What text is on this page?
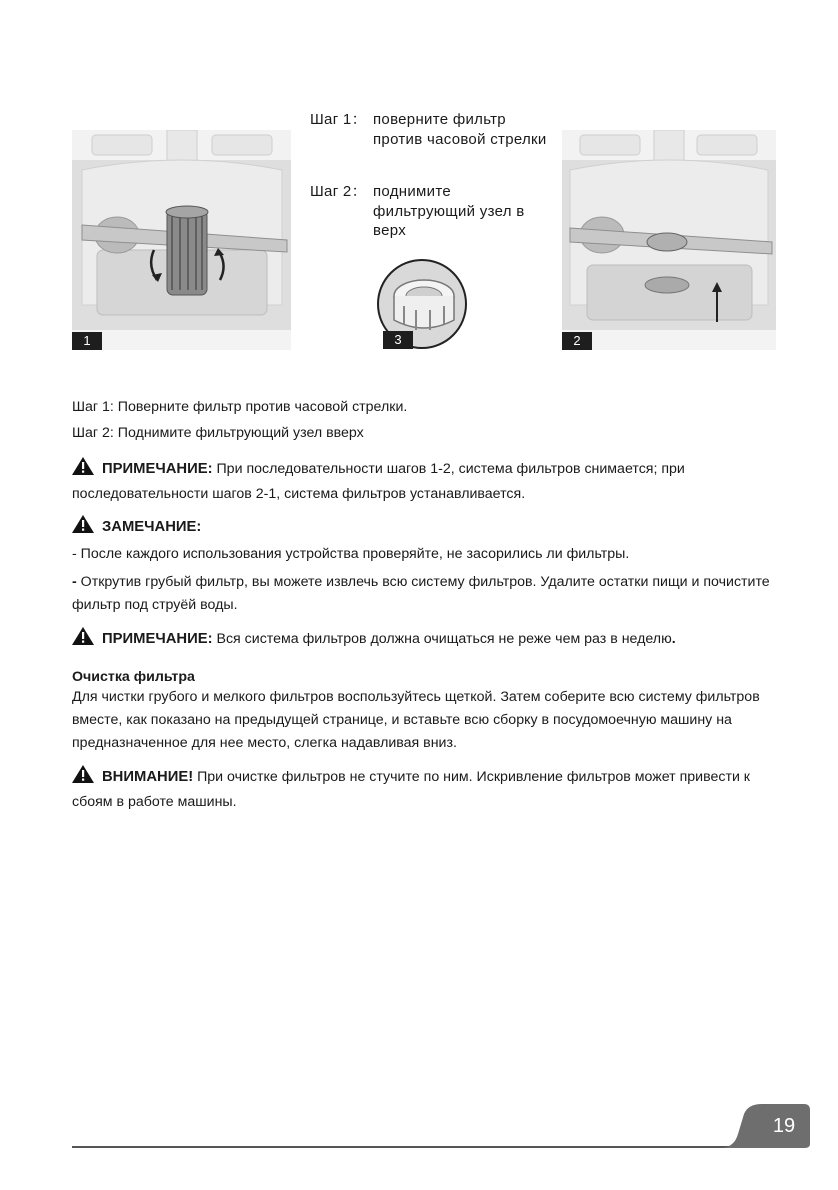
1	3	2
Шаг 1： поверните фильтр против часовой стрелки
Шаг 2： поднимите фильтрующий узел в верх
Шаг 1: Поверните фильтр против часовой стрелки.
Шаг 2: Поднимите фильтрующий узел вверх
ПРИМЕЧАНИЕ: При последовательности шагов 1-2, система фильтров снимается; при последовательности шагов 2-1, система фильтров устанавливается.
ЗАМЕЧАНИЕ:
- После каждого использования устройства проверяйте, не засорились ли фильтры.
- Открутив грубый фильтр, вы можете извлечь всю систему фильтров. Удалите остатки пищи и почистите фильтр под струёй воды.
ПРИМЕЧАНИЕ: Вся система фильтров должна очищаться не реже чем раз в неделю.
Очистка фильтра
Для чистки грубого и мелкого фильтров воспользуйтесь щеткой. Затем соберите всю систему фильтров вместе, как показано на предыдущей странице, и вставьте всю сборку в посудомоечную машину на предназначенное для нее место, слегка надавливая вниз.
ВНИМАНИЕ! При очистке фильтров не стучите по ним. Искривление фильтров может привести к сбоям в работе машины.
19
